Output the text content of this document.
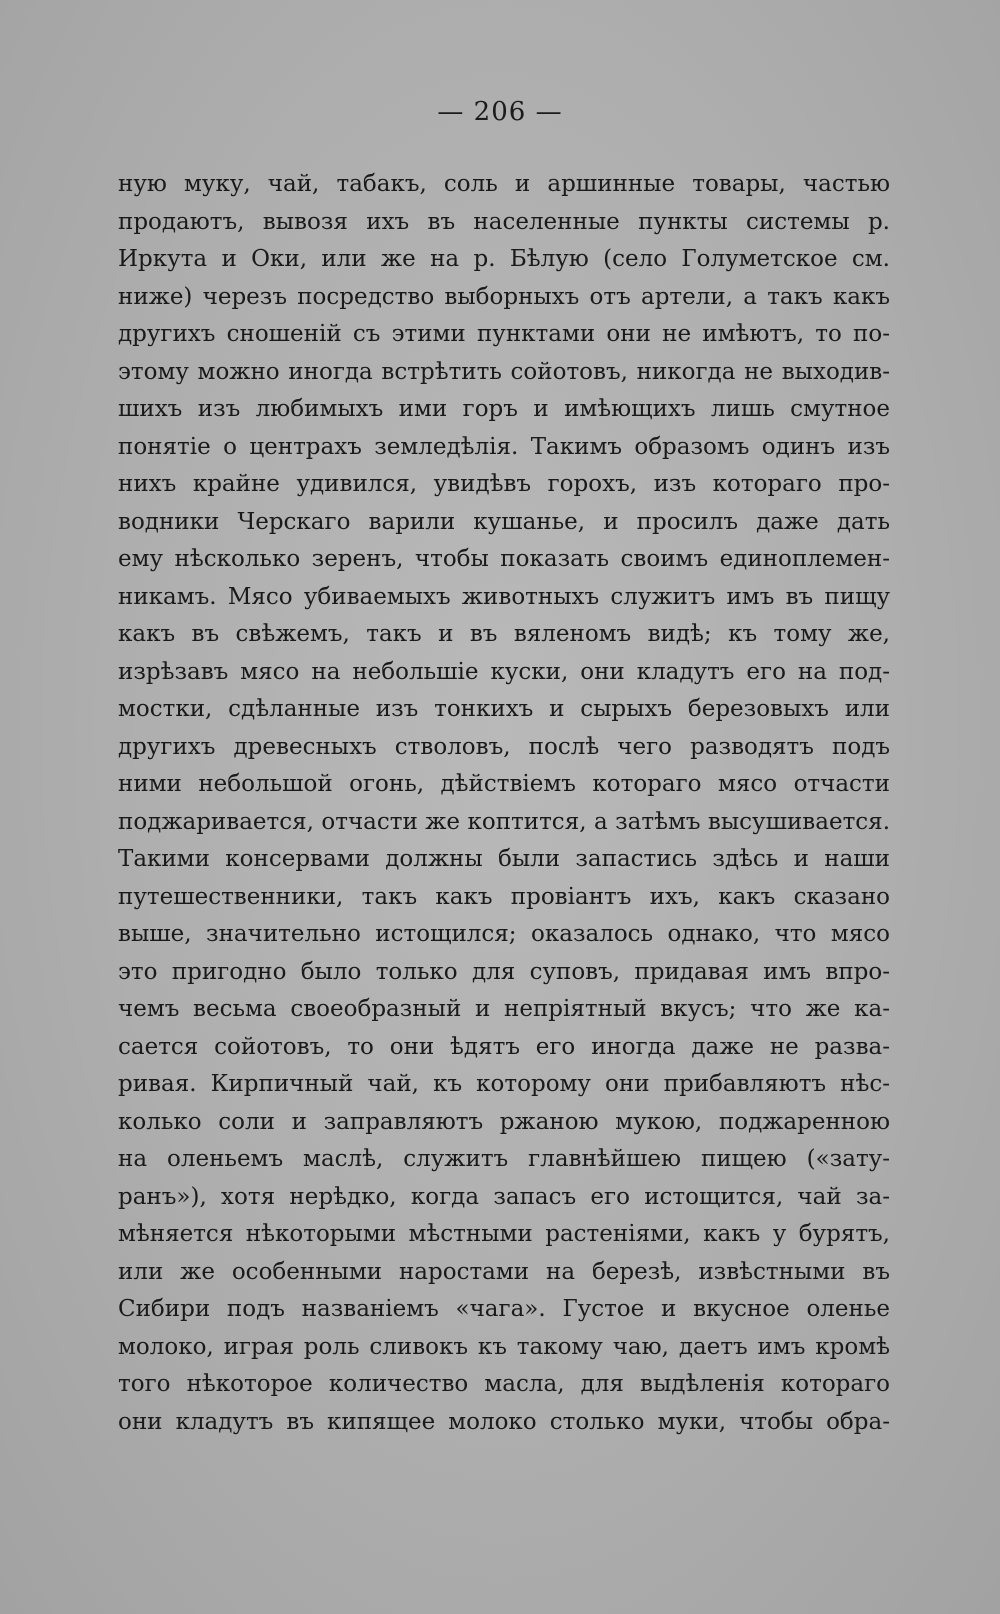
— 206 —
ную муку, чай, табакъ, соль и аршинные товары, частью
продаютъ, вывозя ихъ въ населенные пункты системы р.
Иркута и Оки, или же на р. Бѣлую (село Голуметское см.
ниже) черезъ посредство выборныхъ отъ артели, а такъ какъ
другихъ сношеній съ этими пунктами они не имѣютъ, то по-
этому можно иногда встрѣтить сойотовъ, никогда не выходив-
шихъ изъ любимыхъ ими горъ и имѣющихъ лишь смутное
понятіе о центрахъ земледѣлія. Такимъ образомъ одинъ изъ
нихъ крайне удивился, увидѣвъ горохъ, изъ котораго про-
водники Черскаго варили кушанье, и просилъ даже дать
ему нѣсколько зеренъ, чтобы показать своимъ единоплемен-
никамъ. Мясо убиваемыхъ животныхъ служитъ имъ въ пищу
какъ въ свѣжемъ, такъ и въ вяленомъ видѣ; къ тому же,
изрѣзавъ мясо на небольшіе куски, они кладутъ его на под-
мостки, сдѣланные изъ тонкихъ и сырыхъ березовыхъ или
другихъ древесныхъ стволовъ, послѣ чего разводятъ подъ
ними небольшой огонь, дѣйствіемъ котораго мясо отчасти
поджаривается, отчасти же коптится, а затѣмъ высушивается.
Такими консервами должны были запастись здѣсь и наши
путешественники, такъ какъ провіантъ ихъ, какъ сказано
выше, значительно истощился; оказалось однако, что мясо
это пригодно было только для суповъ, придавая имъ впро-
чемъ весьма своеобразный и непріятный вкусъ; что же ка-
сается сойотовъ, то они ѣдятъ его иногда даже не разва-
ривая. Кирпичный чай, къ которому они прибавляютъ нѣс-
колько соли и заправляютъ ржаною мукою, поджаренною
на оленьемъ маслѣ, служитъ главнѣйшею пищею («зату-
ранъ»), хотя нерѣдко, когда запасъ его истощится, чай за-
мѣняется нѣкоторыми мѣстными растеніями, какъ у бурятъ,
или же особенными наростами на березѣ, извѣстными въ
Сибири подъ названіемъ «чага». Густое и вкусное оленье
молоко, играя роль сливокъ къ такому чаю, даетъ имъ кромѣ
того нѣкоторое количество масла, для выдѣленія котораго
они кладутъ въ кипящее молоко столько муки, чтобы обра-
